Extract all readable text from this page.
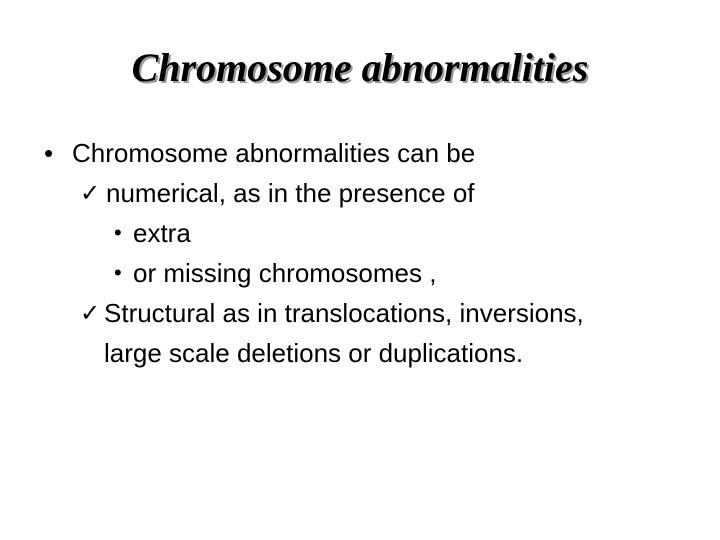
Chromosome abnormalities
• Chromosome abnormalities can be
✓ numerical, as in the presence of
• extra
• or missing chromosomes ,
✓ Structural as in translocations, inversions,
large scale deletions or duplications.
